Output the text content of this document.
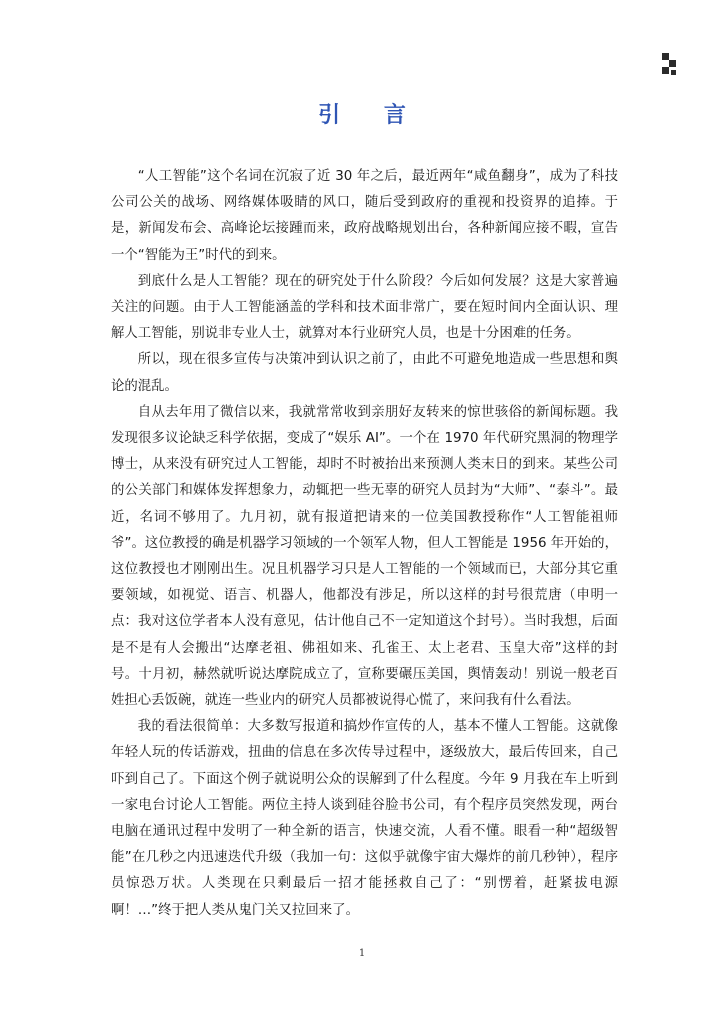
引 言

“人工智能”这个名词在沉寂了近 30 年之后，最近两年“咸鱼翻身”，成为了科技公司公关的战场、网络媒体吸睛的风口，随后受到政府的重视和投资界的追捧。于是，新闻发布会、高峰论坛接踵而来，政府战略规划出台，各种新闻应接不暇，宣告一个“智能为王”时代的到来。

到底什么是人工智能？现在的研究处于什么阶段？今后如何发展？这是大家普遍关注的问题。由于人工智能涵盖的学科和技术面非常广，要在短时间内全面认识、理解人工智能，别说非专业人士，就算对本行业研究人员，也是十分困难的任务。

所以，现在很多宣传与决策冲到认识之前了，由此不可避免地造成一些思想和舆论的混乱。

自从去年用了微信以来，我就常常收到亲朋好友转来的惊世骇俗的新闻标题。我发现很多议论缺乏科学依据，变成了“娱乐 AI”。一个在 1970 年代研究黑洞的物理学博士，从来没有研究过人工智能，却时不时被抬出来预测人类末日的到来。某些公司的公关部门和媒体发挥想象力，动辄把一些无辜的研究人员封为“大师”、“泰斗”。最近，名词不够用了。九月初，就有报道把请来的一位美国教授称作“人工智能祖师爷”。这位教授的确是机器学习领域的一个领军人物，但人工智能是 1956 年开始的，这位教授也才刚刚出生。况且机器学习只是人工智能的一个领域而已，大部分其它重要领域，如视觉、语言、机器人，他都没有涉足，所以这样的封号很荒唐（申明一点：我对这位学者本人没有意见，估计他自己不一定知道这个封号）。当时我想，后面是不是有人会搬出“达摩老祖、佛祖如来、孔雀王、太上老君、玉皇大帝”这样的封号。十月初，赫然就听说达摩院成立了，宣称要碾压美国，舆情轰动！别说一般老百姓担心丢饭碗，就连一些业内的研究人员都被说得心慌了，来问我有什么看法。

我的看法很简单：大多数写报道和搞炒作宣传的人，基本不懂人工智能。这就像年轻人玩的传话游戏，扭曲的信息在多次传导过程中，逐级放大，最后传回来，自己吓到自己了。下面这个例子就说明公众的误解到了什么程度。今年 9 月我在车上听到一家电台讨论人工智能。两位主持人谈到硅谷脸书公司，有个程序员突然发现，两台电脑在通讯过程中发明了一种全新的语言，快速交流，人看不懂。眼看一种“超级智能”在几秒之内迅速迭代升级（我加一句：这似乎就像宇宙大爆炸的前几秒钟），程序员惊恐万状。人类现在只剩最后一招才能拯救自己了：“别愣着，赶紧拔电源啊！…”终于把人类从鬼门关又拉回来了。

1
